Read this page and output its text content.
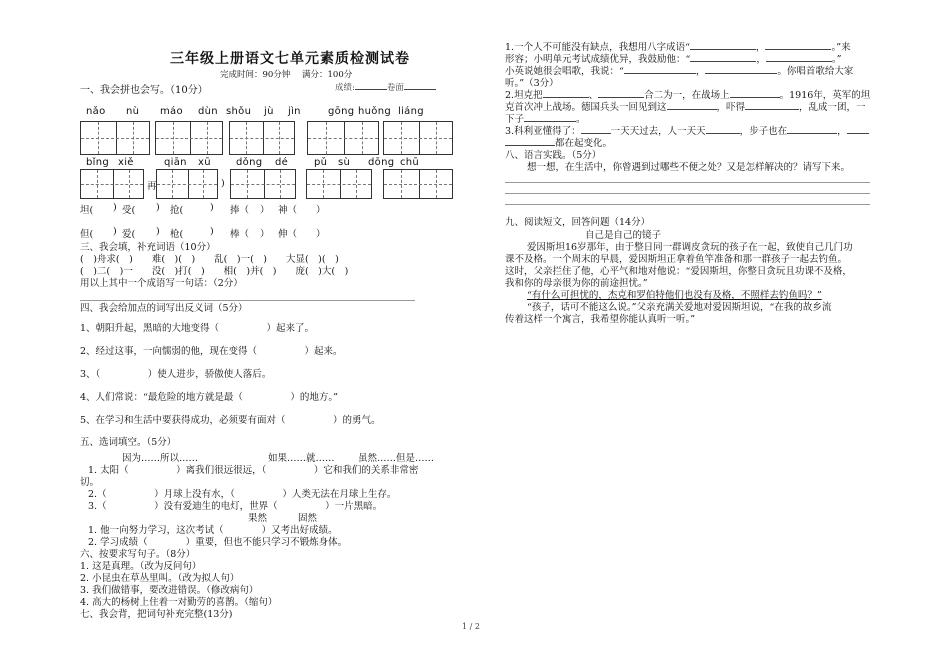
三年级上册语文七单元素质检测试卷
完成时间：90分钟 满分：100分
一、我会拼也会写。（10分）	成绩:	卷面
nǎo nù máo dùn shǒu jù jìn	gōng huǒng liáng
bǐng xiě	qiān xū	dǒng dé	pǔ sù dōng chū
再	)
坦( ) 受( ) 抢(	) 捧（ ） 神（ ）
但( ) 爱( ) 枪(	) 棒（ ） 伸（ ）
三、我会填，补充词语（10分）
(　)舟求(　)　　难(　)(　)　　乱(　)一(　)　　大显(　)(　)
(　)二(　)一　　没(　)打(　)　　相(　)并(　)　　庞(　)大(　)
用以上其中一个成语写一句话：（2分）
四、我会给加点的词写出反义词（5分）
1、朝阳升起，黑暗的大地变得（　　　　　）起来了。
2、经过这事，一向懦弱的他，现在变得（　　　　　）起来。
3、（　　　　　）使人进步，骄傲使人落后。
4、人们常说：“最危险的地方就是最（　　　　　）的地方。”
5、在学习和生活中要获得成功，必须要有面对（　　　　　）的勇气。
五、选词填空。（5分）
因为……所以……	如果……就…… 虽然……但是……
1. 太阳（　　　　　）离我们很远很远，（　　　　　）它和我们的关系非常密
切。
2.（　　　　　）月球上没有水，（　　　　　）人类无法在月球上生存。
3.（　　　　　）没有爱迪生的电灯，世界（　　　　　）一片黑暗。
果然	固然
1. 他一向努力学习，这次考试（　　　　）又考出好成绩。
2. 学习成绩（　　　　）重要，但也不能只学习不锻炼身体。
六、按要求写句子。（8分）
1. 这是真理。（改为反问句）
2. 小昆虫在草丛里叫。（改为拟人句）
3. 我们做错事，要改进错误。（修改病句）
4. 高大的杨树上住着一对勤劳的喜鹊。（缩句）
七、我会背，把词句补充完整(13分)
1.一个人不可能没有缺点，我想用八字成语“	，	。”来
形容；小明单元考试成绩优异，我鼓励他：“	，	。”
小英说她很会唱歌，我说：“	，	。你唱首歌给大家
听。”（3分）
2.坦克把	、	合二为一，在战场上	。1916年，英军的坦
克首次冲上战场。德国兵头一回见到这	，吓得	，乱成一团，一
下子	。
3.科利亚懂得了：	一天天过去，人一天天	，步子也在	，
都在起变化。
八、语言实践。（5分）
想一想，在生活中，你曾遇到过哪些不便之处？又是怎样解决的？请写下来。
九、阅读短文，回答问题（14分）
自己是自己的镜子
爱因斯坦16岁那年，由于整日同一群调皮贪玩的孩子在一起，致使自己几门功
课不及格。一个周末的早晨，爱因斯坦正拿着鱼竿准备和那一群孩子一起去钓鱼。
这时，父亲拦住了他，心平气和地对他说：“爱因斯坦，你整日贪玩且功课不及格，
我和你的母亲很为你的前途担忧。”
“有什么可担忧的，杰克和罗伯特他们也没有及格，不照样去钓鱼吗？”
“孩子，话可不能这么说。”父亲充满关爱地对爱因斯坦说，“在我的故乡流
传着这样一个寓言，我希望你能认真听一听。”
1 / 2
